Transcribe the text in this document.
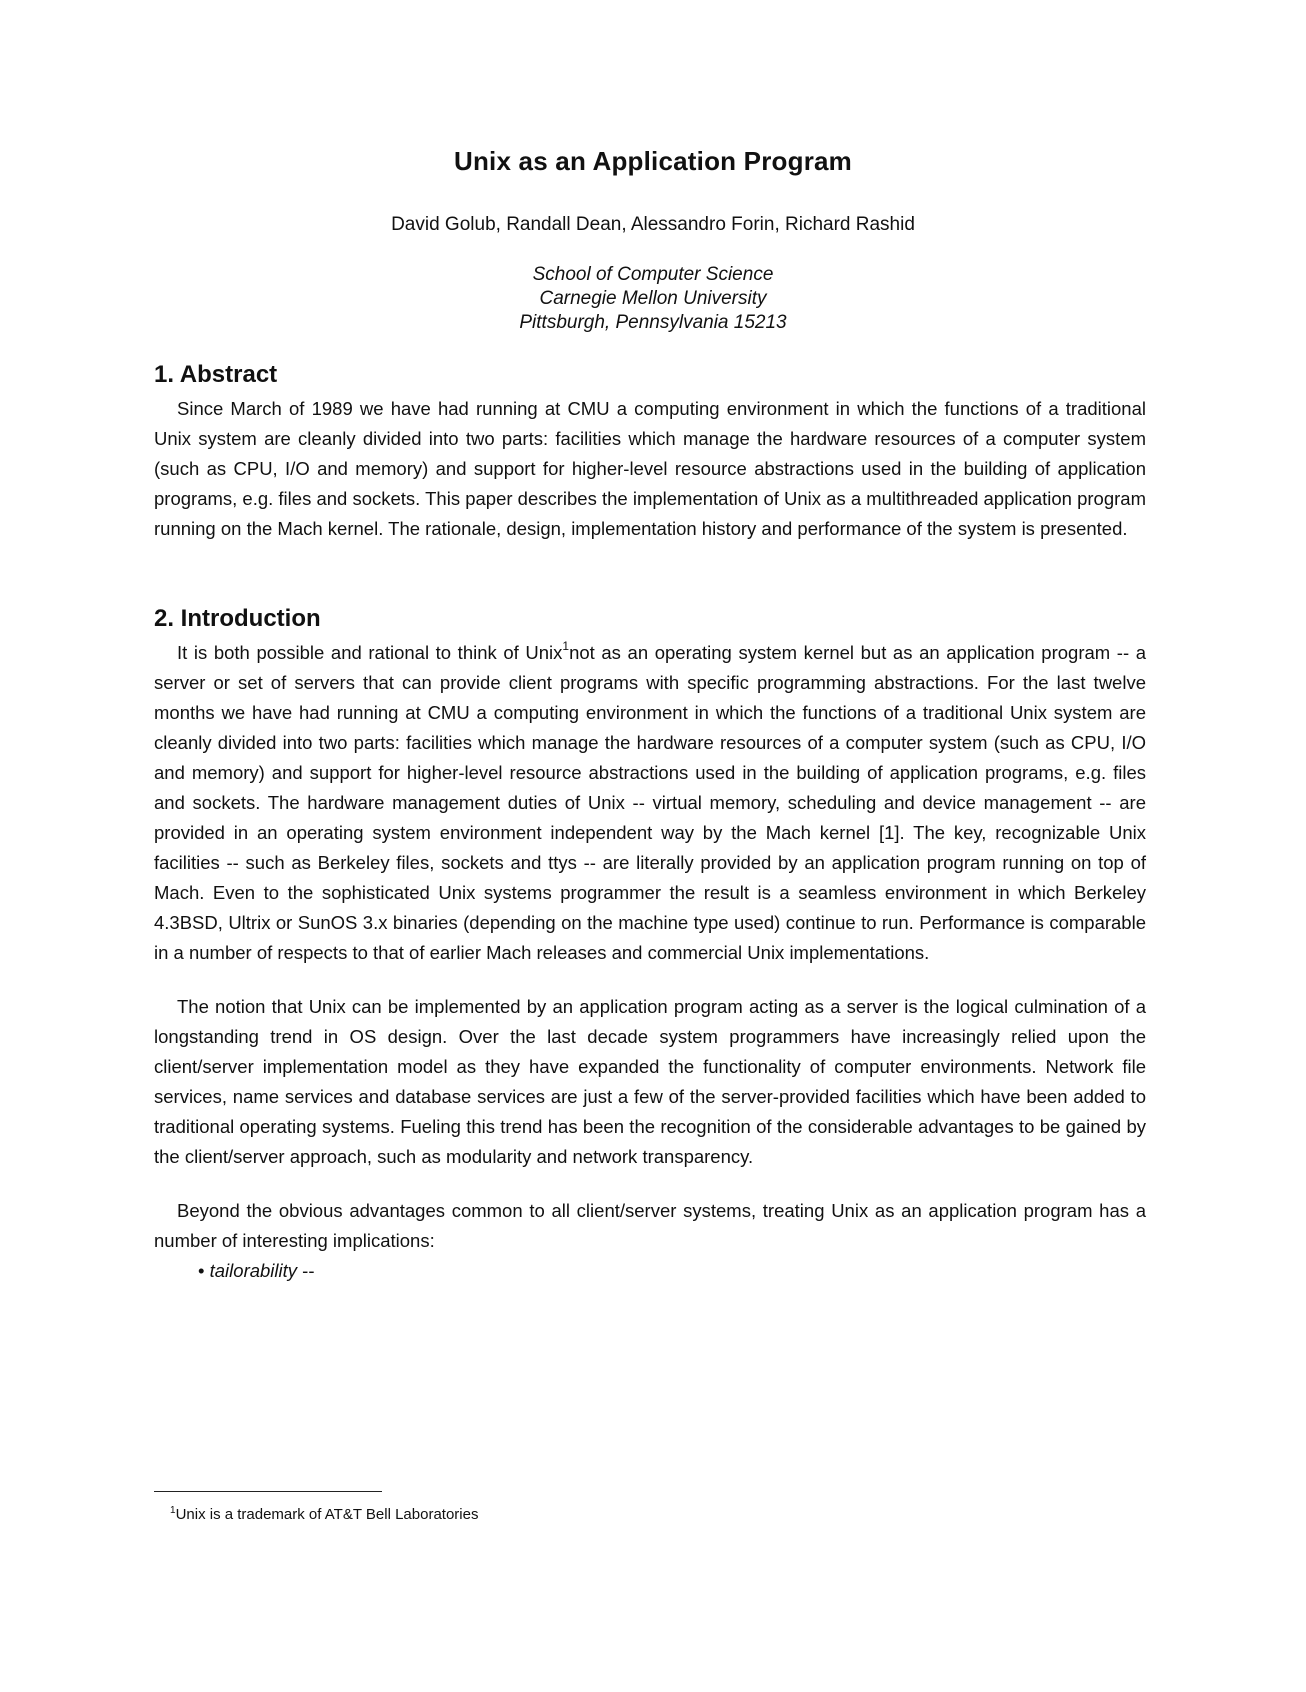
Unix as an Application Program
David Golub, Randall Dean, Alessandro Forin, Richard Rashid
School of Computer Science
Carnegie Mellon University
Pittsburgh, Pennsylvania 15213
1. Abstract

Since March of 1989 we have had running at CMU a computing environment in which the functions of a traditional Unix system are cleanly divided into two parts: facilities which manage the hardware resources of a computer system (such as CPU, I/O and memory) and support for higher-level resource abstractions used in the building of application programs, e.g. files and sockets. This paper describes the implementation of Unix as a multithreaded application program running on the Mach kernel. The rationale, design, implementation history and performance of the system is presented.

2. Introduction

It is both possible and rational to think of Unix$^1$not as an operating system kernel but as an application program -- a server or set of servers that can provide client programs with specific programming abstractions. For the last twelve months we have had running at CMU a computing environment in which the functions of a traditional Unix system are cleanly divided into two parts: facilities which manage the hardware resources of a computer system (such as CPU, I/O and memory) and support for higher-level resource abstractions used in the building of application programs, e.g. files and sockets. The hardware management duties of Unix -- virtual memory, scheduling and device management -- are provided in an operating system environment independent way by the Mach kernel [1]. The key, recognizable Unix facilities -- such as Berkeley files, sockets and ttys -- are literally provided by an application program running on top of Mach. Even to the sophisticated Unix systems programmer the result is a seamless environment in which Berkeley 4.3BSD, Ultrix or SunOS 3.x binaries (depending on the machine type used) continue to run. Performance is comparable in a number of respects to that of earlier Mach releases and commercial Unix implementations.

The notion that Unix can be implemented by an application program acting as a server is the logical culmination of a longstanding trend in OS design. Over the last decade system programmers have increasingly relied upon the client/server implementation model as they have expanded the functionality of computer environments. Network file services, name services and database services are just a few of the server-provided facilities which have been added to traditional operating systems. Fueling this trend has been the recognition of the considerable advantages to be gained by the client/server approach, such as modularity and network transparency.

Beyond the obvious advantages common to all client/server systems, treating Unix as an application program has a number of interesting implications:

• tailorability --
$^1$Unix is a trademark of AT&T Bell Laboratories
